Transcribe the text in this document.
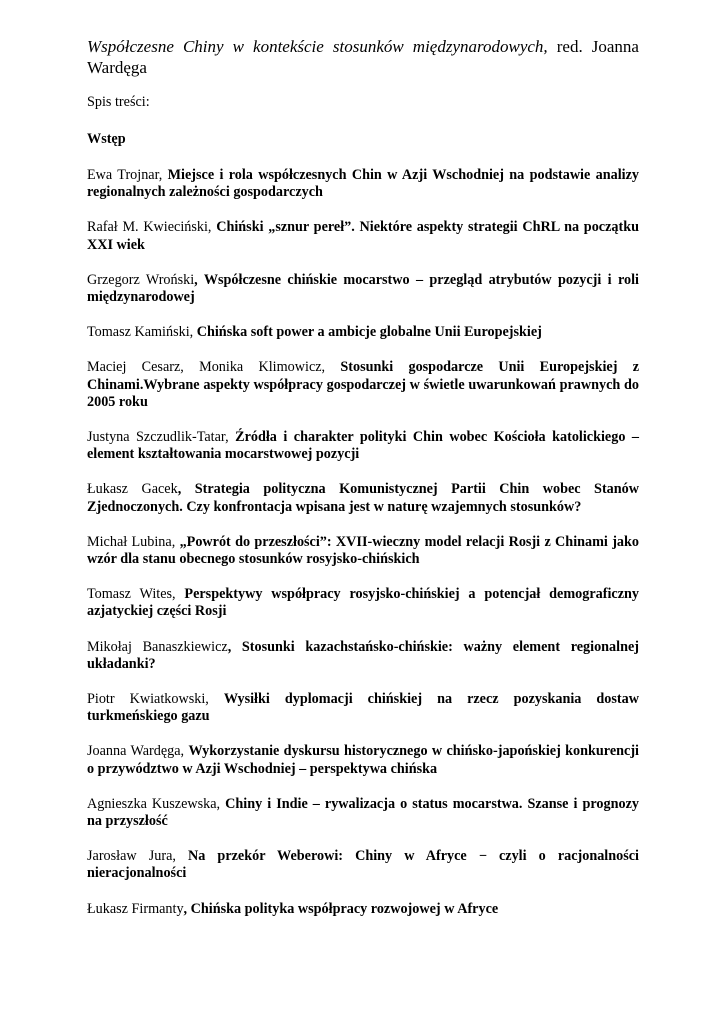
Współczesne Chiny w kontekście stosunków międzynarodowych, red. Joanna Wardęga

Spis treści:

Wstęp

Ewa Trojnar, Miejsce i rola współczesnych Chin w Azji Wschodniej na podstawie analizy regionalnych zależności gospodarczych
Rafał M. Kwieciński, Chiński „sznur pereł”. Niektóre aspekty strategii ChRL na początku XXI wiek
Grzegorz Wroński, Współczesne chińskie mocarstwo – przegląd atrybutów pozycji i roli międzynarodowej
Tomasz Kamiński, Chińska soft power a ambicje globalne Unii Europejskiej
Maciej Cesarz, Monika Klimowicz, Stosunki gospodarcze Unii Europejskiej z Chinami.Wybrane aspekty współpracy gospodarczej w świetle uwarunkowań prawnych do 2005 roku
Justyna Szczudlik-Tatar, Źródła i charakter polityki Chin wobec Kościoła katolickiego – element kształtowania mocarstwowej pozycji
Łukasz Gacek, Strategia polityczna Komunistycznej Partii Chin wobec Stanów Zjednoczonych. Czy konfrontacja wpisana jest w naturę wzajemnych stosunków?
Michał Lubina, „Powrót do przeszłości”: XVII-wieczny model relacji Rosji z Chinami jako wzór dla stanu obecnego stosunków rosyjsko-chińskich
Tomasz Wites, Perspektywy współpracy rosyjsko-chińskiej a potencjał demograficzny azjatyckiej części Rosji
Mikołaj Banaszkiewicz, Stosunki kazachstańsko-chińskie: ważny element regionalnej układanki?
Piotr Kwiatkowski, Wysiłki dyplomacji chińskiej na rzecz pozyskania dostaw turkmeńskiego gazu
Joanna Wardęga, Wykorzystanie dyskursu historycznego w chińsko-japońskiej konkurencji o przywództwo w Azji Wschodniej – perspektywa chińska
Agnieszka Kuszewska, Chiny i Indie – rywalizacja o status mocarstwa. Szanse i prognozy na przyszłość
Jarosław Jura, Na przekór Weberowi: Chiny w Afryce − czyli o racjonalności nieracjonalności
Łukasz Firmanty, Chińska polityka współpracy rozwojowej w Afryce
